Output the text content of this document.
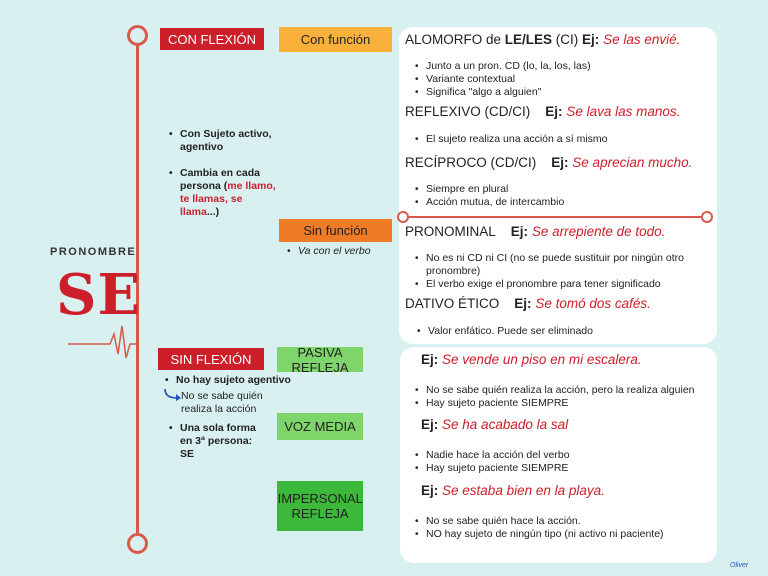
PRONOMBRE
SE
CON FLEXIÓN
• Con Sujeto activo, agentivo
• Cambia en cada persona (me llamo, te llamas, se llama...)
SIN FLEXIÓN
• No hay sujeto agentivo
No se sabe quién realiza la acción
• Una sola forma en 3ª persona: SE
Con función
Sin función
• Va con el verbo
PASIVA REFLEJA
VOZ MEDIA
IMPERSONAL REFLEJA
ALOMORFO de LE/LES (CI) Ej: Se las envié.
• Junto a un pron. CD (lo, la, los, las)
• Variante contextual
• Significa "algo a alguien"
REFLEXIVO (CD/CI) Ej: Se lava las manos.
• El sujeto realiza una acción a sí mismo
RECÍPROCO (CD/CI) Ej: Se aprecian mucho.
• Siempre en plural
• Acción mutua, de intercambio
PRONOMINAL Ej: Se arrepiente de todo.
• No es ni CD ni CI (no se puede sustituir por ningún otro pronombre)
• El verbo exige el pronombre para tener significado
DATIVO ÉTICO Ej: Se tomó dos cafés.
• Valor enfático. Puede ser eliminado
Ej: Se vende un piso en mi escalera.
• No se sabe quién realiza la acción, pero la realiza alguien
• Hay sujeto paciente SIEMPRE
Ej: Se ha acabado la sal
• Nadie hace la acción del verbo
• Hay sujeto paciente SIEMPRE
Ej: Se estaba bien en la playa.
• No se sabe quién hace la acción.
• NO hay sujeto de ningún tipo (ni activo ni paciente)
Oliver
